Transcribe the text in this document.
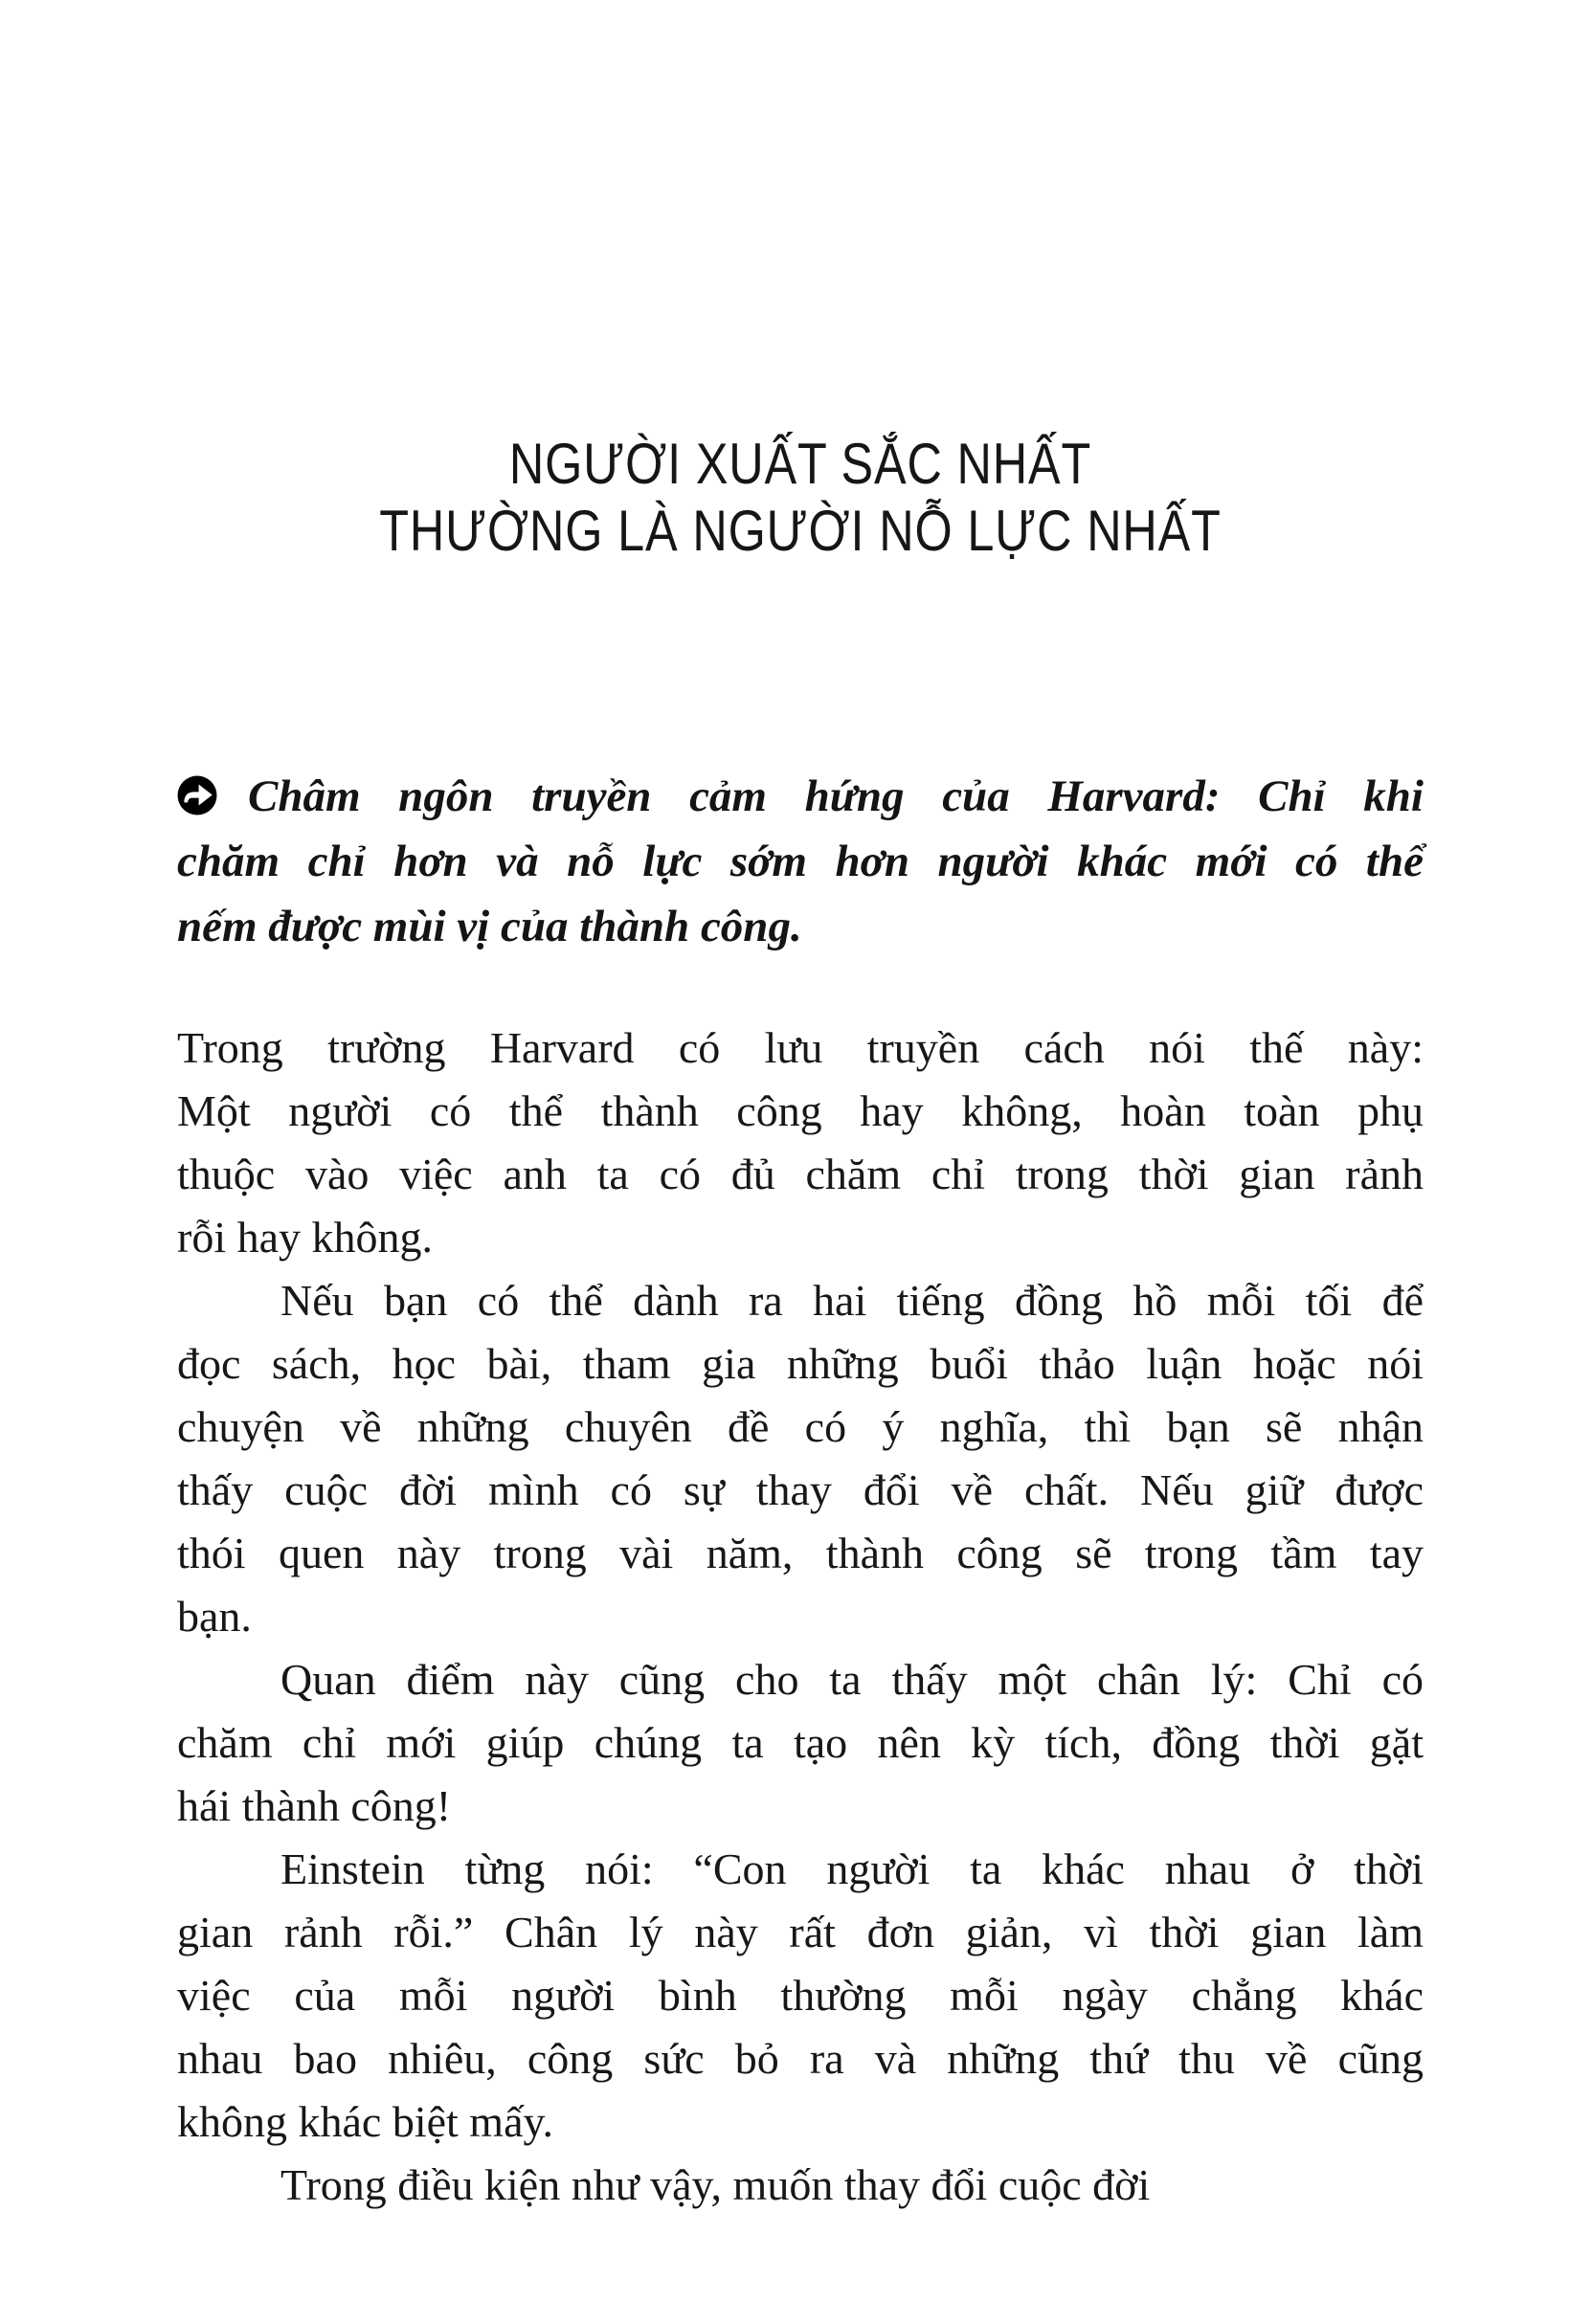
NGƯỜI XUẤT SẮC NHẤT
THƯỜNG LÀ NGƯỜI NỖ LỰC NHẤT
Châm ngôn truyền cảm hứng của Harvard: Chỉ khi
chăm chỉ hơn và nỗ lực sớm hơn người khác mới có thể
nếm được mùi vị của thành công.
Trong trường Harvard có lưu truyền cách nói thế này:
Một người có thể thành công hay không, hoàn toàn phụ
thuộc vào việc anh ta có đủ chăm chỉ trong thời gian rảnh
rỗi hay không.
Nếu bạn có thể dành ra hai tiếng đồng hồ mỗi tối để
đọc sách, học bài, tham gia những buổi thảo luận hoặc nói
chuyện về những chuyên đề có ý nghĩa, thì bạn sẽ nhận
thấy cuộc đời mình có sự thay đổi về chất. Nếu giữ được
thói quen này trong vài năm, thành công sẽ trong tầm tay
bạn.
Quan điểm này cũng cho ta thấy một chân lý: Chỉ có
chăm chỉ mới giúp chúng ta tạo nên kỳ tích, đồng thời gặt
hái thành công!
Einstein từng nói: “Con người ta khác nhau ở thời
gian rảnh rỗi.” Chân lý này rất đơn giản, vì thời gian làm
việc của mỗi người bình thường mỗi ngày chẳng khác
nhau bao nhiêu, công sức bỏ ra và những thứ thu về cũng
không khác biệt mấy.
Trong điều kiện như vậy, muốn thay đổi cuộc đời
